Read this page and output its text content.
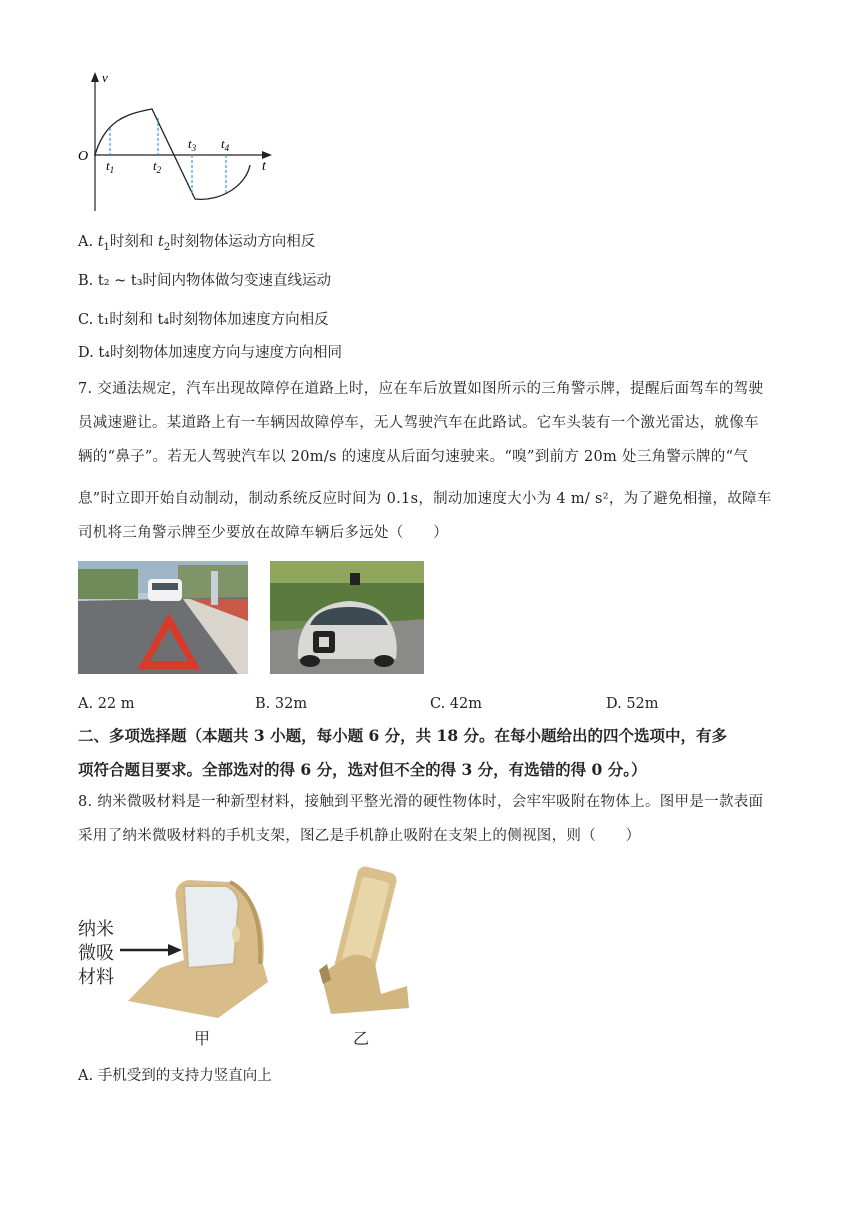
v
O
t
$t_1$	$t_2$
$t_3$ $t_4$
A. $t_1$时刻和 $t_2$时刻物体运动方向相反
B. t₂ ~ t₃时间内物体做匀变速直线运动
C. t₁时刻和 t₄时刻物体加速度方向相反
D. t₄时刻物体加速度方向与速度方向相同
7. 交通法规定，汽车出现故障停在道路上时，应在车后放置如图所示的三角警示牌，提醒后面驾车的驾驶
员减速避让。某道路上有一车辆因故障停车，无人驾驶汽车在此路试。它车头装有一个激光雷达，就像车
辆的“鼻子”。若无人驾驶汽车以 20m/s 的速度从后面匀速驶来。“嗅”到前方 20m 处三角警示牌的“气
息”时立即开始自动制动，制动系统反应时间为 0.1s，制动加速度大小为 4 m/ s²，为了避免相撞，故障车
司机将三角警示牌至少要放在故障车辆后多远处（　　）
A. 22 m	B. 32m	C. 42m	D. 52m
二、多项选择题（本题共 3 小题，每小题 6 分，共 18 分。在每小题给出的四个选项中，有多
项符合题目要求。全部选对的得 6 分，选对但不全的得 3 分，有选错的得 0 分。）
8. 纳米微吸材料是一种新型材料，接触到平整光滑的硬性物体时，会牢牢吸附在物体上。图甲是一款表面
采用了纳米微吸材料的手机支架，图乙是手机静止吸附在支架上的侧视图，则（　　）
纳米
微吸
材料
甲	乙
A. 手机受到的支持力竖直向上
